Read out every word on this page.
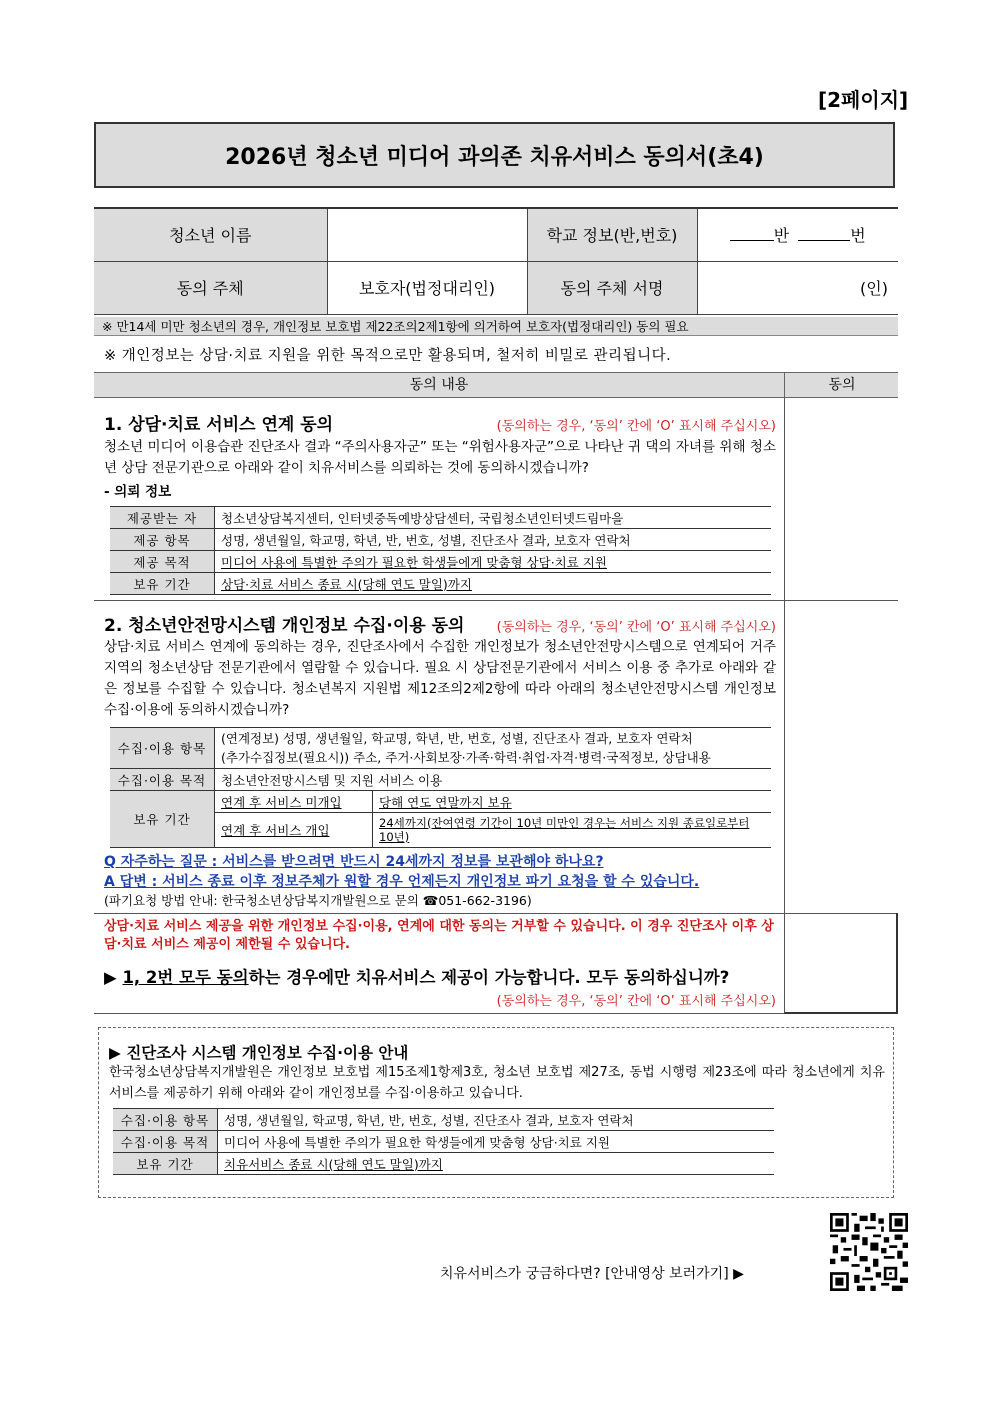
[2페이지]
2026년 청소년 미디어 과의존 치유서비스 동의서(초4)
청소년 이름		학교 정보(반,번호)	반 번
동의 주체	보호자(법정대리인)	동의 주체 서명	(인)
※ 만14세 미만 청소년의 경우, 개인정보 보호법 제22조의2제1항에 의거하여 보호자(법정대리인) 동의 필요
※ 개인정보는 상담·치료 지원을 위한 목적으로만 활용되며, 철저히 비밀로 관리됩니다.
동의 내용	동의
1. 상담·치료 서비스 연계 동의	(동의하는 경우, ‘동의’ 칸에 ‘O’ 표시해 주십시오)
청소년 미디어 이용습관 진단조사 결과 “주의사용자군” 또는 “위험사용자군”으로 나타난 귀 댁의 자녀를 위해 청소년 상담 전문기관으로 아래와 같이 치유서비스를 의뢰하는 것에 동의하시겠습니까?
- 의뢰 정보
제공받는 자	청소년상담복지센터, 인터넷중독예방상담센터, 국립청소년인터넷드림마을
제공 항목	성명, 생년월일, 학교명, 학년, 반, 번호, 성별, 진단조사 결과, 보호자 연락처
제공 목적	미디어 사용에 특별한 주의가 필요한 학생들에게 맞춤형 상담·치료 지원
보유 기간	상담·치료 서비스 종료 시(당해 연도 말일)까지
2. 청소년안전망시스템 개인정보 수집·이용 동의 (동의하는 경우, ‘동의’ 칸에 ‘O’ 표시해 주십시오)
상담·치료 서비스 연계에 동의하는 경우, 진단조사에서 수집한 개인정보가 청소년안전망시스템으로 연계되어 거주지역의 청소년상담 전문기관에서 열람할 수 있습니다. 필요 시 상담전문기관에서 서비스 이용 중 추가로 아래와 같은 정보를 수집할 수 있습니다. 청소년복지 지원법 제12조의2제2항에 따라 아래의 청소년안전망시스템 개인정보 수집·이용에 동의하시겠습니까?
수집·이용 항목	(연계정보) 성명, 생년월일, 학교명, 학년, 반, 번호, 성별, 진단조사 결과, 보호자 연락처
(추가수집정보(필요시)) 주소, 주거·사회보장·가족·학력·취업·자격·병력·국적정보, 상담내용	

수집·이용 목적	청소년안전망시스템 및 지원 서비스 이용	
보유 기간	연계 후 서비스 미개입	당해 연도 연말까지 보유
	연계 후 서비스 개입	24세까지(잔여연령 기간이 10년 미만인 경우는 서비스 지원 종료일로부터 10년)
Q 자주하는 질문 : 서비스를 받으려면 반드시 24세까지 정보를 보관해야 하나요?
A 답변 : 서비스 종료 이후 정보주체가 원할 경우 언제든지 개인정보 파기 요청을 할 수 있습니다.
(파기요청 방법 안내: 한국청소년상담복지개발원으로 문의 ☎051-662-3196)
상담·치료 서비스 제공을 위한 개인정보 수집·이용, 연계에 대한 동의는 거부할 수 있습니다. 이 경우 진단조사 이후 상담·치료 서비스 제공이 제한될 수 있습니다.
▶ 1, 2번 모두 동의하는 경우에만 치유서비스 제공이 가능합니다. 모두 동의하십니까?
(동의하는 경우, ‘동의’ 칸에 ‘O’ 표시해 주십시오)
▶ 진단조사 시스템 개인정보 수집·이용 안내
한국청소년상담복지개발원은 개인정보 보호법 제15조제1항제3호, 청소년 보호법 제27조, 동법 시행령 제23조에 따라 청소년에게 치유서비스를 제공하기 위해 아래와 같이 개인정보를 수집·이용하고 있습니다.
수집·이용 항목	성명, 생년월일, 학교명, 학년, 반, 번호, 성별, 진단조사 결과, 보호자 연락처
수집·이용 목적	미디어 사용에 특별한 주의가 필요한 학생들에게 맞춤형 상담·치료 지원
보유 기간	치유서비스 종료 시(당해 연도 말일)까지
치유서비스가 궁금하다면? [안내영상 보러가기] ▶
